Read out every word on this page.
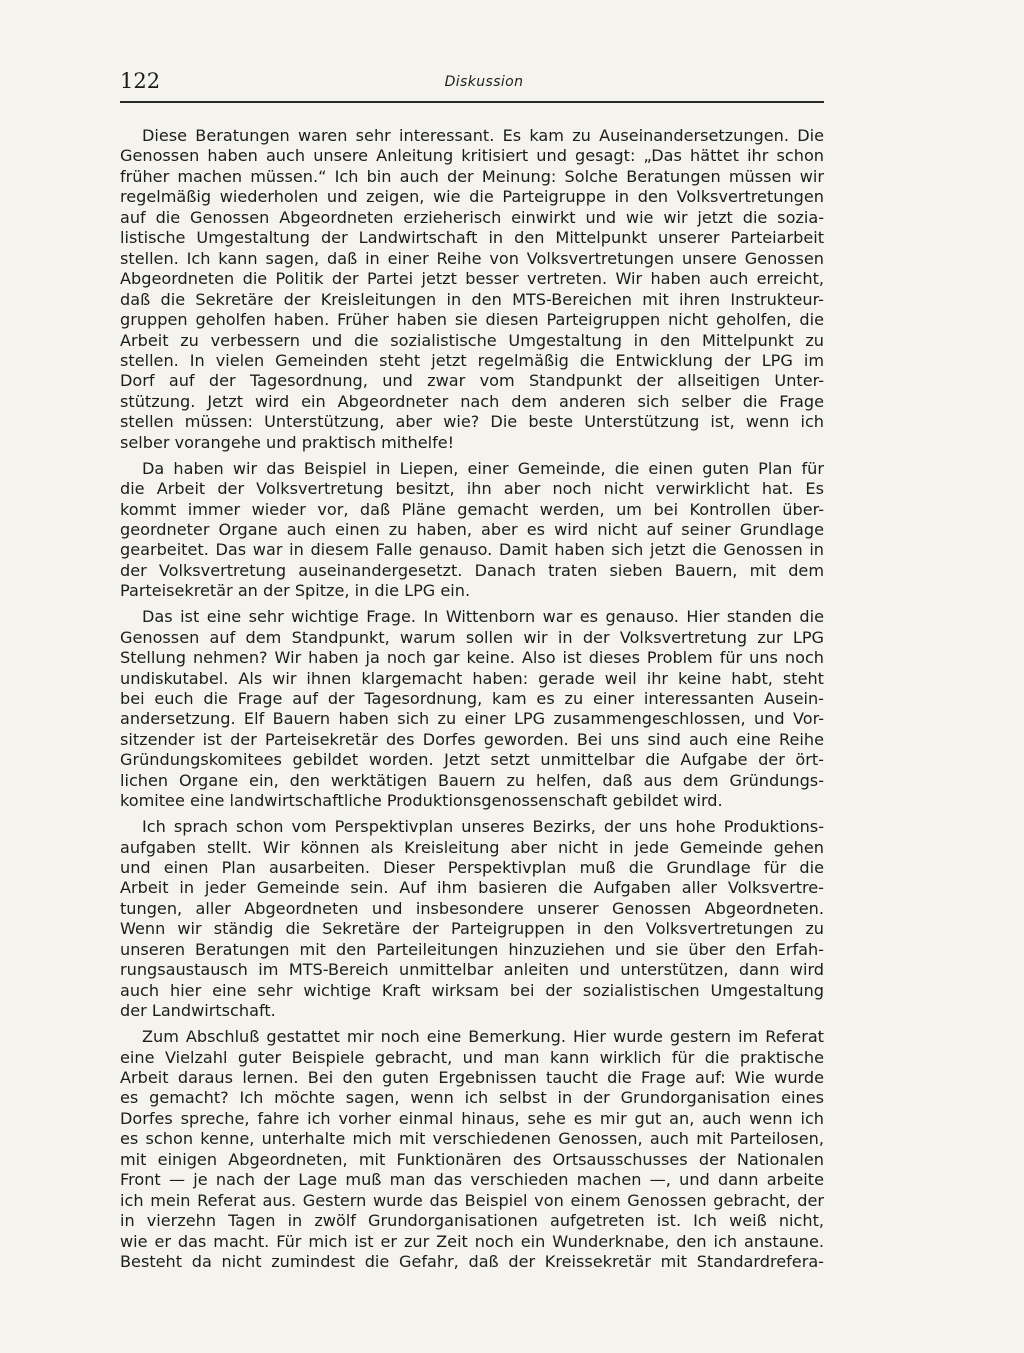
122	Diskussion
Diese Beratungen waren sehr interessant. Es kam zu Auseinandersetzungen. Die
Genossen haben auch unsere Anleitung kritisiert und gesagt: „Das hättet ihr schon
früher machen müssen.“ Ich bin auch der Meinung: Solche Beratungen müssen wir
regelmäßig wiederholen und zeigen, wie die Parteigruppe in den Volksvertretungen
auf die Genossen Abgeordneten erzieherisch einwirkt und wie wir jetzt die sozia-
listische Umgestaltung der Landwirtschaft in den Mittelpunkt unserer Parteiarbeit
stellen. Ich kann sagen, daß in einer Reihe von Volksvertretungen unsere Genossen
Abgeordneten die Politik der Partei jetzt besser vertreten. Wir haben auch erreicht,
daß die Sekretäre der Kreisleitungen in den MTS-Bereichen mit ihren Instrukteur-
gruppen geholfen haben. Früher haben sie diesen Parteigruppen nicht geholfen, die
Arbeit zu verbessern und die sozialistische Umgestaltung in den Mittelpunkt zu
stellen. In vielen Gemeinden steht jetzt regelmäßig die Entwicklung der LPG im
Dorf auf der Tagesordnung, und zwar vom Standpunkt der allseitigen Unter-
stützung. Jetzt wird ein Abgeordneter nach dem anderen sich selber die Frage
stellen müssen: Unterstützung, aber wie? Die beste Unterstützung ist, wenn ich
selber vorangehe und praktisch mithelfe!
Da haben wir das Beispiel in Liepen, einer Gemeinde, die einen guten Plan für
die Arbeit der Volksvertretung besitzt, ihn aber noch nicht verwirklicht hat. Es
kommt immer wieder vor, daß Pläne gemacht werden, um bei Kontrollen über-
geordneter Organe auch einen zu haben, aber es wird nicht auf seiner Grundlage
gearbeitet. Das war in diesem Falle genauso. Damit haben sich jetzt die Genossen in
der Volksvertretung auseinandergesetzt. Danach traten sieben Bauern, mit dem
Parteisekretär an der Spitze, in die LPG ein.
Das ist eine sehr wichtige Frage. In Wittenborn war es genauso. Hier standen die
Genossen auf dem Standpunkt, warum sollen wir in der Volksvertretung zur LPG
Stellung nehmen? Wir haben ja noch gar keine. Also ist dieses Problem für uns noch
undiskutabel. Als wir ihnen klargemacht haben: gerade weil ihr keine habt, steht
bei euch die Frage auf der Tagesordnung, kam es zu einer interessanten Ausein-
andersetzung. Elf Bauern haben sich zu einer LPG zusammengeschlossen, und Vor-
sitzender ist der Parteisekretär des Dorfes geworden. Bei uns sind auch eine Reihe
Gründungskomitees gebildet worden. Jetzt setzt unmittelbar die Aufgabe der ört-
lichen Organe ein, den werktätigen Bauern zu helfen, daß aus dem Gründungs-
komitee eine landwirtschaftliche Produktionsgenossenschaft gebildet wird.
Ich sprach schon vom Perspektivplan unseres Bezirks, der uns hohe Produktions-
aufgaben stellt. Wir können als Kreisleitung aber nicht in jede Gemeinde gehen
und einen Plan ausarbeiten. Dieser Perspektivplan muß die Grundlage für die
Arbeit in jeder Gemeinde sein. Auf ihm basieren die Aufgaben aller Volksvertre-
tungen, aller Abgeordneten und insbesondere unserer Genossen Abgeordneten.
Wenn wir ständig die Sekretäre der Parteigruppen in den Volksvertretungen zu
unseren Beratungen mit den Parteileitungen hinzuziehen und sie über den Erfah-
rungsaustausch im MTS-Bereich unmittelbar anleiten und unterstützen, dann wird
auch hier eine sehr wichtige Kraft wirksam bei der sozialistischen Umgestaltung
der Landwirtschaft.
Zum Abschluß gestattet mir noch eine Bemerkung. Hier wurde gestern im Referat
eine Vielzahl guter Beispiele gebracht, und man kann wirklich für die praktische
Arbeit daraus lernen. Bei den guten Ergebnissen taucht die Frage auf: Wie wurde
es gemacht? Ich möchte sagen, wenn ich selbst in der Grundorganisation eines
Dorfes spreche, fahre ich vorher einmal hinaus, sehe es mir gut an, auch wenn ich
es schon kenne, unterhalte mich mit verschiedenen Genossen, auch mit Parteilosen,
mit einigen Abgeordneten, mit Funktionären des Ortsausschusses der Nationalen
Front — je nach der Lage muß man das verschieden machen —, und dann arbeite
ich mein Referat aus. Gestern wurde das Beispiel von einem Genossen gebracht, der
in vierzehn Tagen in zwölf Grundorganisationen aufgetreten ist. Ich weiß nicht,
wie er das macht. Für mich ist er zur Zeit noch ein Wunderknabe, den ich anstaune.
Besteht da nicht zumindest die Gefahr, daß der Kreissekretär mit Standardrefera-
